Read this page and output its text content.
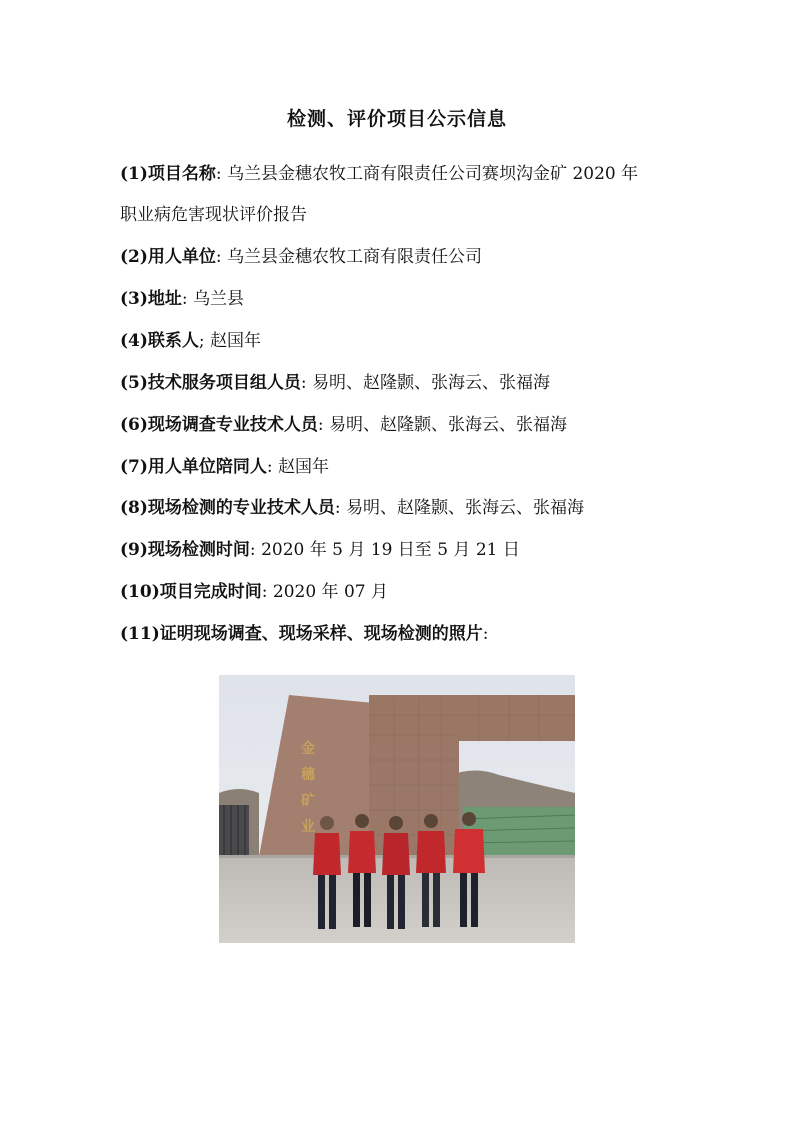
检测、评价项目公示信息
(1)项目名称: 乌兰县金穗农牧工商有限责任公司赛坝沟金矿 2020 年
职业病危害现状评价报告
(2)用人单位: 乌兰县金穗农牧工商有限责任公司
(3)地址: 乌兰县
(4)联系人; 赵国年
(5)技术服务项目组人员: 易明、赵隆颢、张海云、张福海
(6)现场调查专业技术人员: 易明、赵隆颢、张海云、张福海
(7)用人单位陪同人: 赵国年
(8)现场检测的专业技术人员: 易明、赵隆颢、张海云、张福海
(9)现场检测时间: 2020 年 5 月 19 日至 5 月 21 日
(10)项目完成时间: 2020 年 07 月
(11)证明现场调查、现场采样、现场检测的照片:
金
穗
矿
业
